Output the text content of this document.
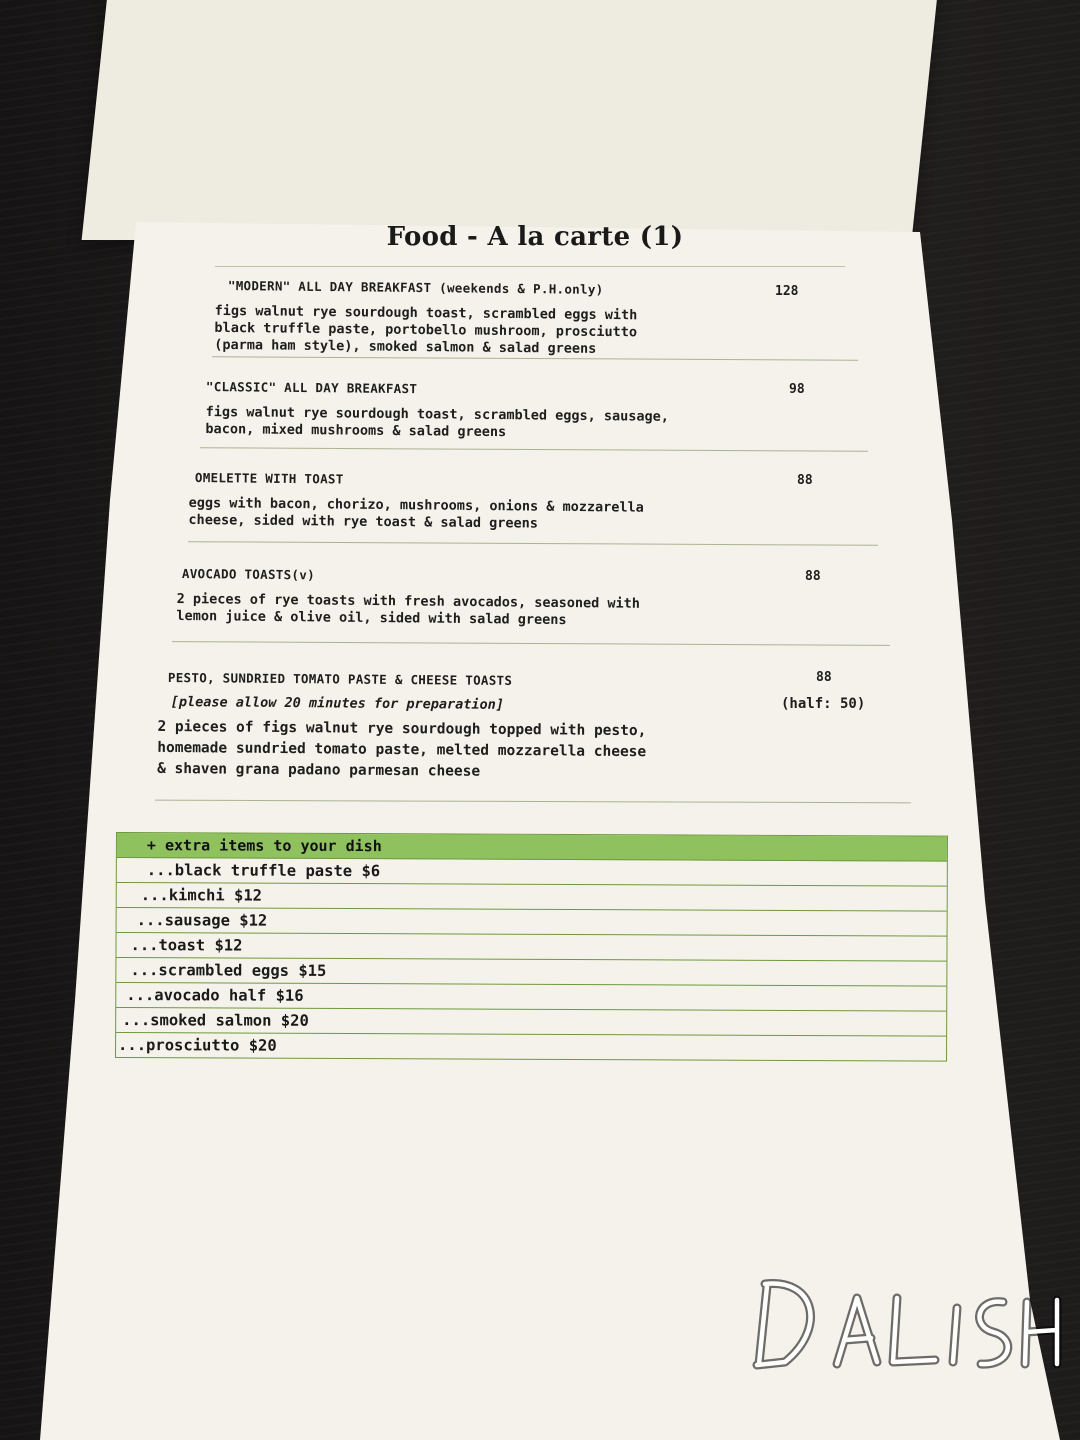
Food - A la carte (1)
"MODERN" ALL DAY BREAKFAST (weekends & P.H.only)
figs walnut rye sourdough toast, scrambled eggs with
black truffle paste, portobello mushroom, prosciutto
(parma ham style), smoked salmon & salad greens
128
"CLASSIC" ALL DAY BREAKFAST
figs walnut rye sourdough toast, scrambled eggs, sausage,
bacon, mixed mushrooms & salad greens
98
OMELETTE WITH TOAST
eggs with bacon, chorizo, mushrooms, onions & mozzarella
cheese, sided with rye toast & salad greens
88
AVOCADO TOASTS(v)
2 pieces of rye toasts with fresh avocados, seasoned with
lemon juice & olive oil, sided with salad greens
88
PESTO, SUNDRIED TOMATO PASTE & CHEESE TOASTS
[please allow 20 minutes for preparation]
2 pieces of figs walnut rye sourdough topped with pesto,
homemade sundried tomato paste, melted mozzarella cheese
& shaven grana padano parmesan cheese
88
(half: 50)
+ extra items to your dish
...black truffle paste $6
...kimchi $12
...sausage $12
...toast $12
...scrambled eggs $15
...avocado half $16
...smoked salmon $20
...prosciutto $20
